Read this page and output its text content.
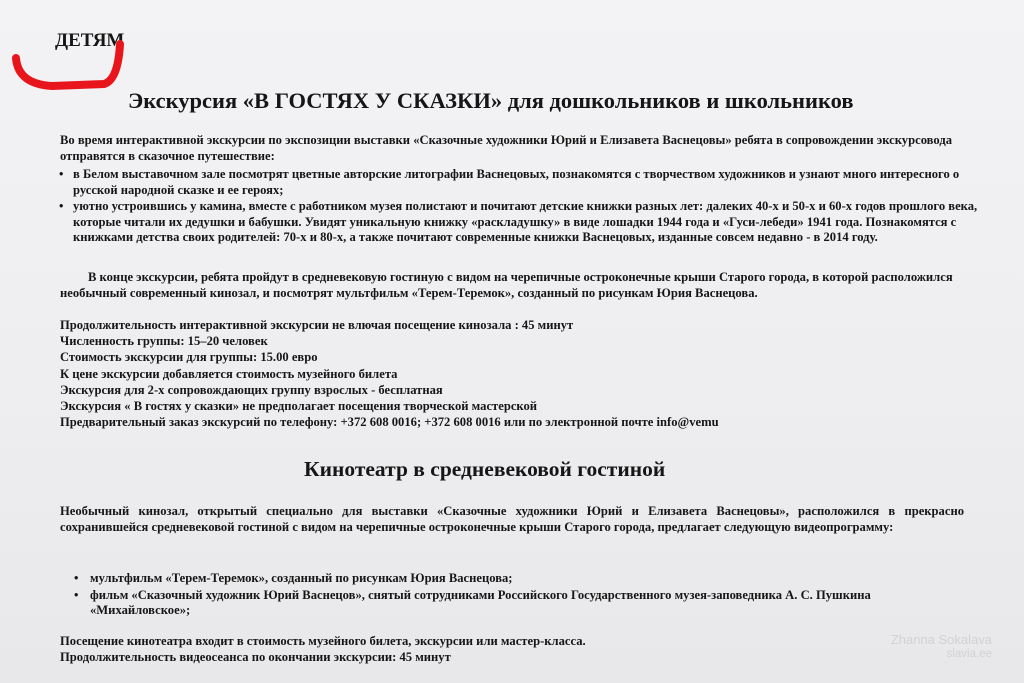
ДЕТЯМ
Экскурсия «В ГОСТЯХ У СКАЗКИ» для дошкольников и школьников
Во время интерактивной экскурсии по экспозиции выставки «Сказочные художники Юрий и Елизавета Васнецовы» ребята в сопровождении экскурсовода отправятся в сказочное путешествие:
• в Белом выставочном зале посмотрят цветные авторские литографии Васнецовых, познакомятся с творчеством художников и узнают много интересного о русской народной сказке и ее героях;
• уютно устроившись у камина, вместе с работником музея полистают и почитают детские книжки разных лет: далеких 40-х и 50-х и 60-х годов прошлого века, которые читали их дедушки и бабушки. Увидят уникальную книжку «раскладушку» в виде лошадки 1944 года и «Гуси-лебеди» 1941 года. Познакомятся с книжками детства своих родителей: 70-х и 80-х, а также почитают современные книжки Васнецовых, изданные совсем недавно - в 2014 году.
В конце экскурсии, ребята пройдут в средневековую гостиную с видом на черепичные остроконечные крыши Старого города, в которой расположился необычный современный кинозал, и посмотрят мультфильм «Терем-Теремок», созданный по рисункам Юрия Васнецова.
Продолжительность интерактивной экскурсии не влючая посещение кинозала : 45 минут
Численность группы: 15–20 человек
Стоимость экскурсии для группы: 15.00 евро
К цене экскурсии добавляется стоимость музейного билета
Экскурсия для 2-х сопровождающих группу взрослых - бесплатная
Экскурсия « В гостях у сказки» не предполагает посещения творческой мастерской
Предварительный заказ экскурсий по телефону: +372 608 0016; +372 608 0016 или по электронной почте info@vemu
Кинотеатр в средневековой гостиной
Необычный кинозал, открытый специально для выставки «Сказочные художники Юрий и Елизавета Васнецовы», расположился в прекрасно сохранившейся средневековой гостиной с видом на черепичные остроконечные крыши Старого города, предлагает следующую видеопрограмму:
• мультфильм «Терем-Теремок», созданный по рисункам Юрия Васнецова;
• фильм «Сказочный художник Юрий Васнецов», снятый сотрудниками Российского Государственного музея-заповедника А. С. Пушкина «Михайловское»;
Посещение кинотеатра входит в стоимость музейного билета, экскурсии или мастер-класса.
Продолжительность видеосеанса по окончании экскурсии: 45 минут
Zhanna Sokalava
slavia.ee
